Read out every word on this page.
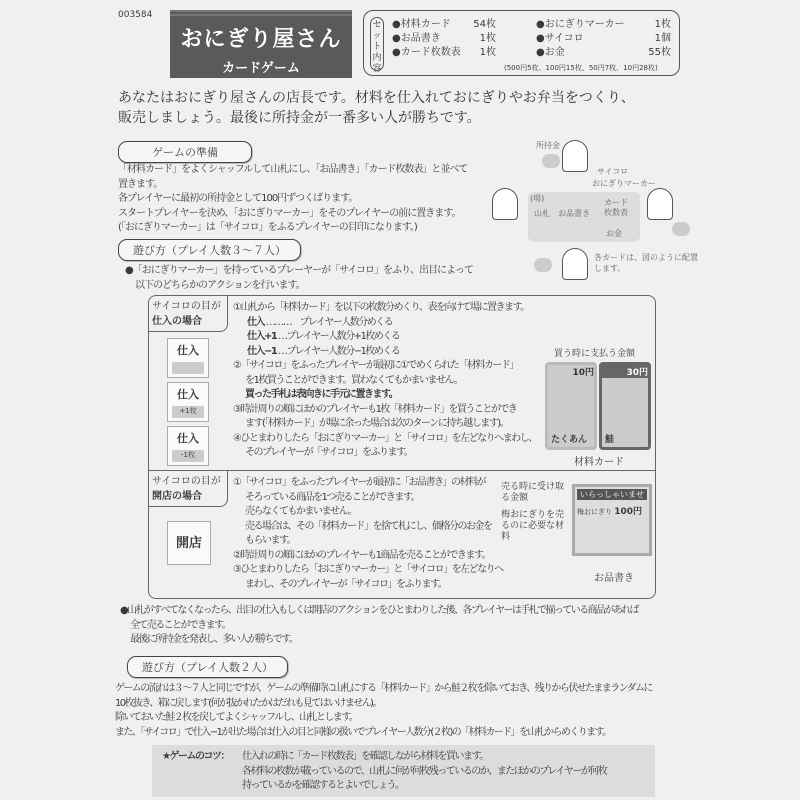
003584
おにぎり屋さん
カードゲーム
セット内容
●材料カード 54枚
●お品書き	1枚
●カード枚数表 1枚
●おにぎりマーカー	1枚
●サイコロ	1個
●お金	55枚
(500円5枚、100円15枚、50円7枚、10円28枚)
あなたはおにぎり屋さんの店長です。材料を仕入れておにぎりやお弁当をつくり、
販売しましょう。最後に所持金が一番多い人が勝ちです。
ゲームの準備
「材料カード」をよくシャッフルして山札にし、「お品書き」「カード枚数表」と並べて
置きます。
各プレイヤーに最初の所持金として100円ずつくばります。
スタートプレイヤーを決め、「おにぎりマーカー」をそのプレイヤーの前に置きます。
(「おにぎりマーカー」は「サイコロ」をふるプレイヤーの目印になります。)
所持金
サイコロ
おにぎりマーカー
(場)
山札 お品書き
カード枚数表
お金
各カードは、図のように配置します。
遊び方（プレイ人数３～７人）
●「おにぎりマーカー」を持っているプレーヤーが「サイコロ」をふり、出目によって
以下のどちらかのアクションを行います。
サイコロの目が
仕入の場合
仕入
仕入
+1枚
仕入
-1枚
①山札から「材料カード」を以下の枚数分めくり、表を向けて場に置きます。
仕入 ………　プレイヤー人数分めくる
仕入+1 …プレイヤー人数分+1枚めくる
仕入−1 …プレイヤー人数分−1枚めくる
②「サイコロ」をふったプレイヤーが最初に①でめくられた「材料カード」
を1枚買うことができます。買わなくてもかまいません。
買った手札は表向きに手元に置きます。
③時計周りの順にほかのプレイヤーも1枚「材料カード」を買うことができ
ます(「材料カード」が場に余った場合は次のターンに持ち越します)。
④ひとまわりしたら「おにぎりマーカー」と「サイコロ」を左どなりへまわし、
そのプレイヤーが「サイコロ」をふります。
買う時に支払う金額
10円
たくあん
30円
鮭
材料カード
サイコロの目が
開店の場合
開店
①「サイコロ」をふったプレイヤーが最初に「お品書き」の材料が
そろっている商品を1つ売ることができます。
売らなくてもかまいません。
売る場合は、その「材料カード」を捨て札にし、価格分のお金を
もらいます。
②時計周りの順にほかのプレイヤーも1商品を売ることができます。
③ひとまわりしたら「おにぎりマーカー」と「サイコロ」を左どなりへ
まわし、そのプレイヤーが「サイコロ」をふります。
売る時に受け取る金額
梅おにぎりを売るのに必要な材料
いらっしゃいませ
梅おにぎり 100円
お品書き
●山札がすべてなくなったら、出目の仕入もしくは開店のアクションをひとまわりした後、各プレイヤーは手札で揃っている商品があれば
全て売ることができます。
最後に所持金を発表し、多い人が勝ちです。
遊び方（プレイ人数２人）
ゲームの流れは３～７人と同じですが、ゲームの準備時に山札にする「材料カード」から鮭２枚を除いておき、残りから伏せたままランダムに
10枚抜き、箱に戻します(何が抜かれたかはだれも見てはいけません)。
除いておいた鮭２枚を戻してよくシャッフルし、山札とします。
また、「サイコロ」で仕入−1が出た場合は仕入の目と同様の扱いでプレイヤー人数分(２枚)の「材料カード」を山札からめくります。
★ゲームのコツ：	仕入れの時に「カード枚数表」を確認しながら材料を買います。
各材料の枚数が載っているので、山札に何が何枚残っているのか、またほかのプレイヤーが何枚
持っているかを確認するとよいでしょう。
